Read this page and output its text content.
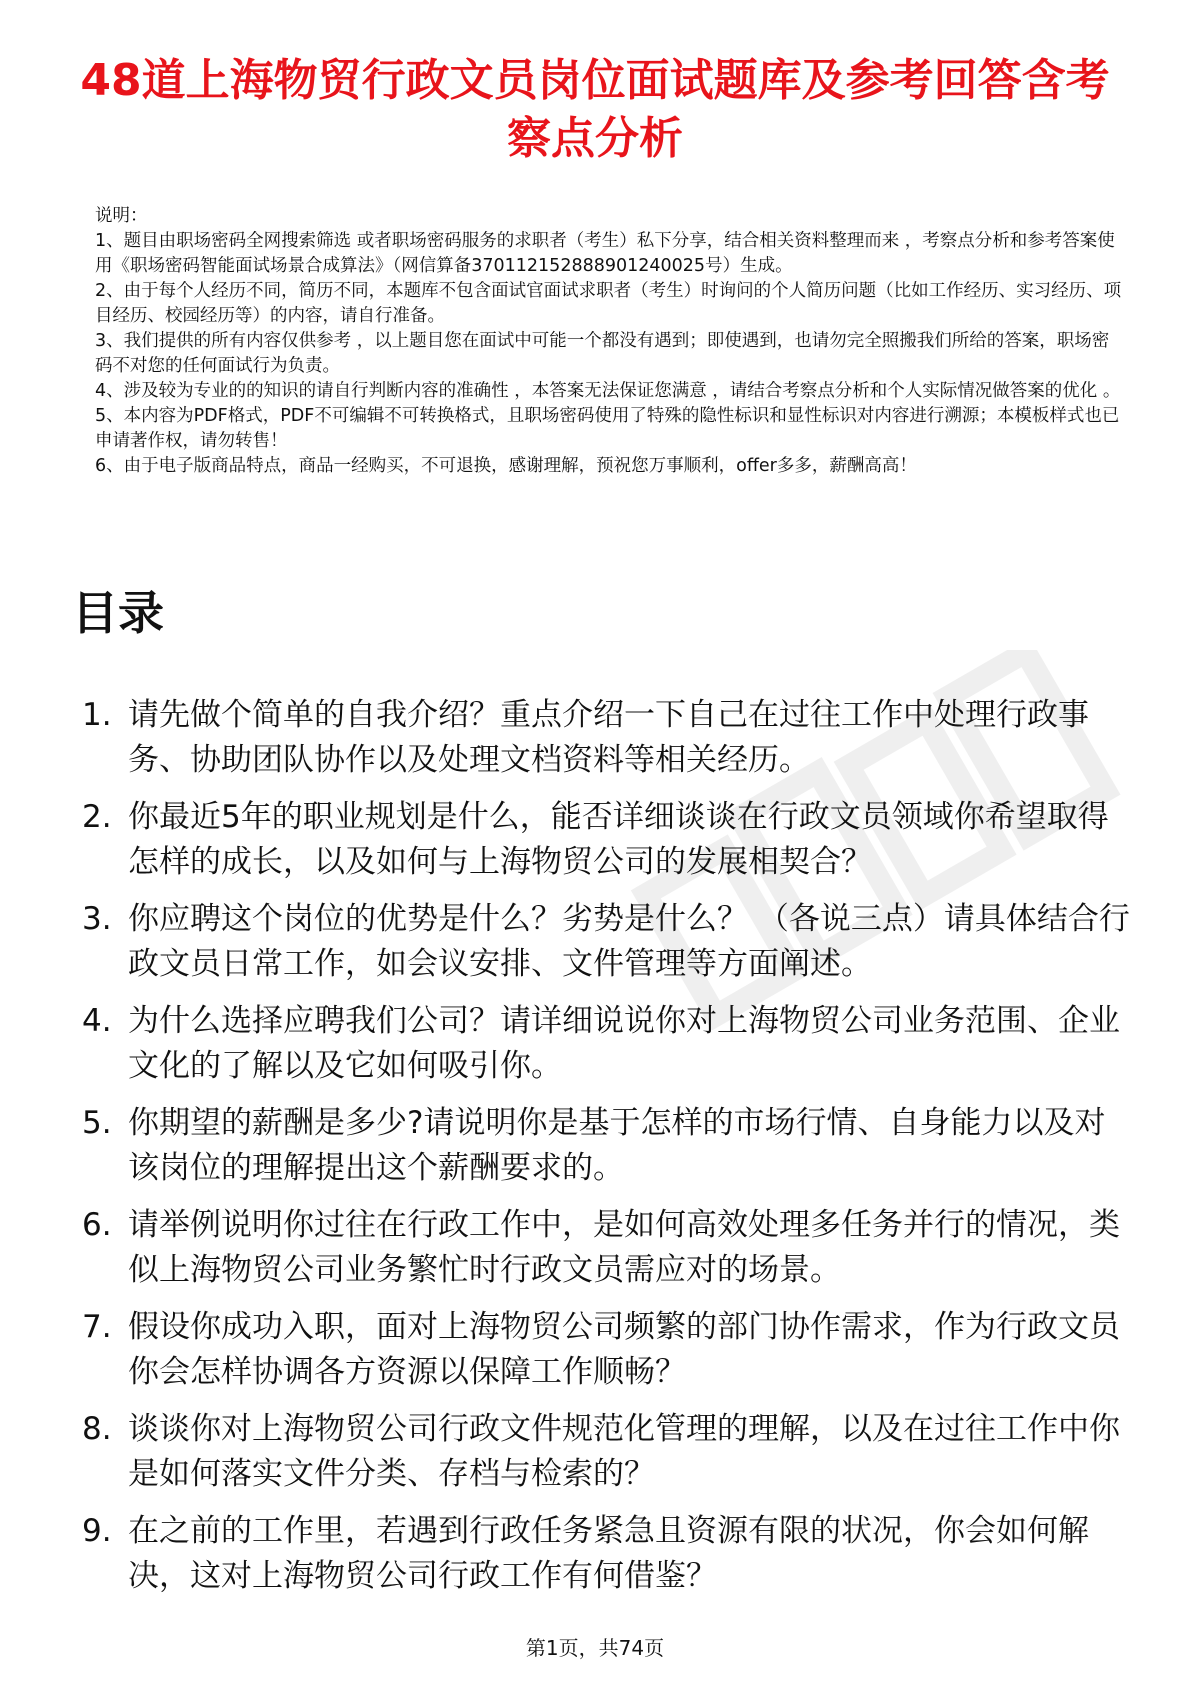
48道上海物贸行政文员岗位面试题库及参考回答含考察点分析

说明：

1、题目由职场密码全网搜索筛选 或者职场密码服务的求职者（考生）私下分享，结合相关资料整理而来 ，考察点分析和参考答案使用《职场密码智能面试场景合成算法》（网信算备370112152888901240025号）生成。

2、由于每个人经历不同，简历不同，本题库不包含面试官面试求职者（考生）时询问的个人简历问题（比如工作经历、实习经历、项目经历、校园经历等）的内容，请自行准备。

3、我们提供的所有内容仅供参考 ，以上题目您在面试中可能一个都没有遇到；即使遇到，也请勿完全照搬我们所给的答案，职场密码不对您的任何面试行为负责。

4、涉及较为专业的的知识的请自行判断内容的准确性 ，本答案无法保证您满意 ，请结合考察点分析和个人实际情况做答案的优化 。

5、本内容为PDF格式，PDF不可编辑不可转换格式，且职场密码使用了特殊的隐性标识和显性标识对内容进行溯源；本模板样式也已申请著作权，请勿转售！

6、由于电子版商品特点，商品一经购买，不可退换，感谢理解，预祝您万事顺利，offer多多，薪酬高高！

目录
1. 请先做个简单的自我介绍？重点介绍一下自己在过往工作中处理行政事务、协助团队协作以及处理文档资料等相关经历。
2. 你最近5年的职业规划是什么，能否详细谈谈在行政文员领域你希望取得怎样的成长，以及如何与上海物贸公司的发展相契合？
3. 你应聘这个岗位的优势是什么？劣势是什么？ （各说三点）请具体结合行政文员日常工作，如会议安排、文件管理等方面阐述。
4. 为什么选择应聘我们公司？请详细说说你对上海物贸公司业务范围、企业文化的了解以及它如何吸引你。
5. 你期望的薪酬是多少?请说明你是基于怎样的市场行情、自身能力以及对该岗位的理解提出这个薪酬要求的。
6. 请举例说明你过往在行政工作中，是如何高效处理多任务并行的情况，类似上海物贸公司业务繁忙时行政文员需应对的场景。
7. 假设你成功入职，面对上海物贸公司频繁的部门协作需求，作为行政文员你会怎样协调各方资源以保障工作顺畅？
8. 谈谈你对上海物贸公司行政文件规范化管理的理解，以及在过往工作中你是如何落实文件分类、存档与检索的？
9. 在之前的工作里，若遇到行政任务紧急且资源有限的状况，你会如何解决，这对上海物贸公司行政工作有何借鉴？
第1页，共74页
